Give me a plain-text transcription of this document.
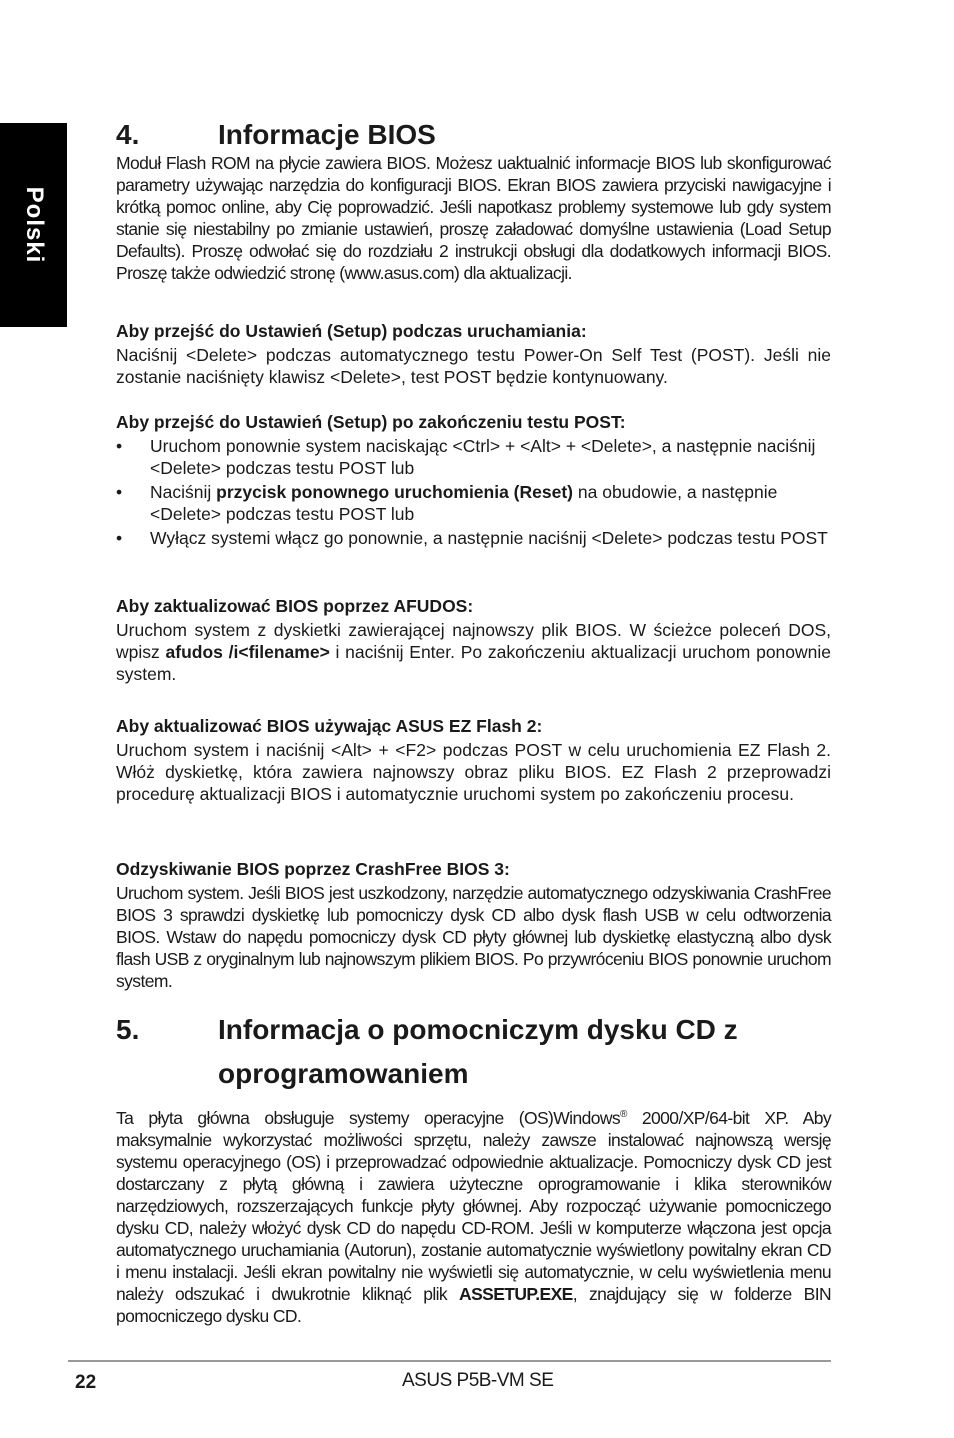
Polski
4.	Informacje BIOS

Moduł Flash ROM na płycie zawiera BIOS. Możesz uaktualnić informacje BIOS lub skonfigurować parametry używając narzędzia do konfiguracji BIOS. Ekran BIOS zawiera przyciski nawigacyjne i krótką pomoc online, aby Cię poprowadzić. Jeśli napotkasz problemy systemowe lub gdy system stanie się niestabilny po zmianie ustawień, proszę załadować domyślne ustawienia (Load Setup Defaults). Proszę odwołać się do rozdziału 2 instrukcji obsługi dla dodatkowych informacji BIOS. Proszę także odwiedzić stronę (www.asus.com) dla aktualizacji.

Aby przejść do Ustawień (Setup) podczas uruchamiania:

Naciśnij <Delete> podczas automatycznego testu Power-On Self Test (POST). Jeśli nie zostanie naciśnięty klawisz <Delete>, test POST będzie kontynuowany.

Aby przejść do Ustawień (Setup) po zakończeniu testu POST:
• Uruchom ponownie system naciskając <Ctrl> + <Alt> + <Delete>, a następnie naciśnij <Delete> podczas testu POST lub
• Naciśnij przycisk ponownego uruchomienia (Reset) na obudowie, a następnie <Delete> podczas testu POST lub
• Wyłącz systemi włącz go ponownie, a następnie naciśnij <Delete> podczas testu POST
Aby zaktualizować BIOS poprzez AFUDOS:

Uruchom system z dyskietki zawierającej najnowszy plik BIOS. W ścieżce poleceń DOS, wpisz afudos /i<filename> i naciśnij Enter. Po zakończeniu aktualizacji uruchom ponownie system.

Aby aktualizować BIOS używając ASUS EZ Flash 2:

Uruchom system i naciśnij <Alt> + <F2> podczas POST w celu uruchomienia EZ Flash 2. Włóż dyskietkę, która zawiera najnowszy obraz pliku BIOS. EZ Flash 2 przeprowadzi procedurę aktualizacji BIOS i automatycznie uruchomi system po zakończeniu procesu.

Odzyskiwanie BIOS poprzez CrashFree BIOS 3:

Uruchom system. Jeśli BIOS jest uszkodzony, narzędzie automatycznego odzyskiwania CrashFree BIOS 3 sprawdzi dyskietkę lub pomocniczy dysk CD albo dysk flash USB w celu odtworzenia BIOS. Wstaw do napędu pomocniczy dysk CD płyty głównej lub dyskietkę elastyczną albo dysk flash USB z oryginalnym lub najnowszym plikiem BIOS. Po przywróceniu BIOS ponownie uruchom system.

5.	Informacja o pomocniczym dysku CD z oprogramowaniem

Ta płyta główna obsługuje systemy operacyjne (OS)Windows® 2000/XP/64-bit XP. Aby maksymalnie wykorzystać możliwości sprzętu, należy zawsze instalować najnowszą wersję systemu operacyjnego (OS) i przeprowadzać odpowiednie aktualizacje. Pomocniczy dysk CD jest dostarczany z płytą główną i zawiera użyteczne oprogramowanie i klika sterowników narzędziowych, rozszerzających funkcje płyty głównej. Aby rozpocząć używanie pomocniczego dysku CD, należy włożyć dysk CD do napędu CD-ROM. Jeśli w komputerze włączona jest opcja automatycznego uruchamiania (Autorun), zostanie automatycznie wyświetlony powitalny ekran CD i menu instalacji. Jeśli ekran powitalny nie wyświetli się automatycznie, w celu wyświetlenia menu należy odszukać i dwukrotnie kliknąć plik ASSETUP.EXE, znajdujący się w folderze BIN pomocniczego dysku CD.

22	ASUS P5B-VM SE
